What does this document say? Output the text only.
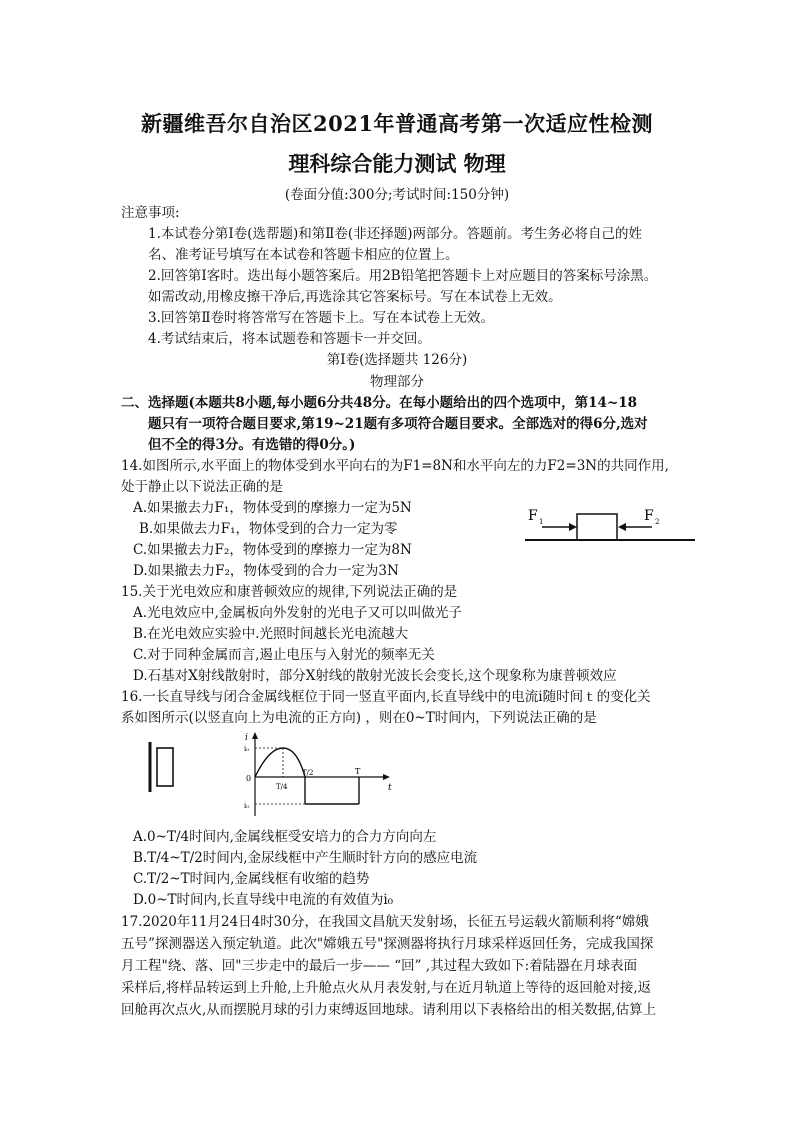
新疆维吾尔自治区2021年普通高考第一次适应性检测
理科综合能力测试 物理
(卷面分值:300分;考试时间:150分钟)
注意事项:
1.本试卷分第Ⅰ卷(选帮题)和第Ⅱ卷(非还择题)两部分。答题前。考生务必将自己的姓
名、准考证号填写在本试卷和答题卡相应的位置上。
2.回答第Ⅰ客时。迭出每小题答案后。用2B铅笔把答题卡上对应题目的答案标号涂黑。
如需改动,用橡皮擦干净后,再选涂其它答案标号。写在本试卷上无效。
3.回答第Ⅱ卷时将答常写在答题卡上。写在本试卷上无效。
4.考试结束后，将本试题卷和答题卡一并交回。
第Ⅰ卷(选择题共 126分)
物理部分
二、选择题(本题共8小题,每小题6分共48分。在每小题给出的四个选项中，第14~18
题只有一项符合题目要求,第19~21题有多项符合题目要求。全部选对的得6分,选对
但不全的得3分。有选错的得0分。)
14.如图所示,水平面上的物体受到水平向右的为F1=8N和水平向左的力F2=3N的共同作用,
处于静止以下说法正确的是
A.如果撤去力F₁，物体受到的摩擦力一定为5N
B.如果做去力F₁，物体受到的合力一定为零
C.如果撤去力F₂，物体受到的摩擦力一定为8N
D.如果撤去力F₂，物体受到的合力一定为3N
F 1	F 2
15.关于光电效应和康普顿效应的规律,下列说法正确的是
A.光电效应中,金属板向外发射的光电子又可以叫做光子
B.在光电效应实验中.光照时间越长光电流越大
C.对于同种金属而言,遏止电压与入射光的频率无关
D.石基对X射线散射时，部分X射线的散射光波长会变长,这个现象称为康普顿效应
16.一长直导线与闭合金属线框位于同一竖直平面内,长直导线中的电流ⅰ随时间ｔ的变化关
系如图所示(以竖直向上为电流的正方向) ，则在0~T时间内，下列说法正确的是
i
t
i₀
i₀
0
T/4
T/2	T
A.0~T/4时间内,金属线框受安培力的合力方向向左
B.T/4~T/2时间内,金尿线框中产生顺时针方向的感应电流
C.T/2~T时间内,金属线框有收缩的趋势
D.0~T时间内,长直导线中电流的有效值为i₀
17.2020年11月24日4时30分，在我国文昌航天发射场，长征五号运载火箭顺利将“嫦娥
五号”探测器送入预定轨道。此次"嫦娥五号"探测器将执行月球采样返回任务，完成我国探
月工程"绕、落、回"三步走中的最后一步—— “回” ,其过程大致如下:着陆器在月球表面
采样后,将样品转运到上升舱,上升舱点火从月表发射,与在近月轨道上等待的返回舱对接,返
回舱再次点火,从而摆脱月球的引力束缚返回地球。请利用以下表格给出的相关数据,估算上
